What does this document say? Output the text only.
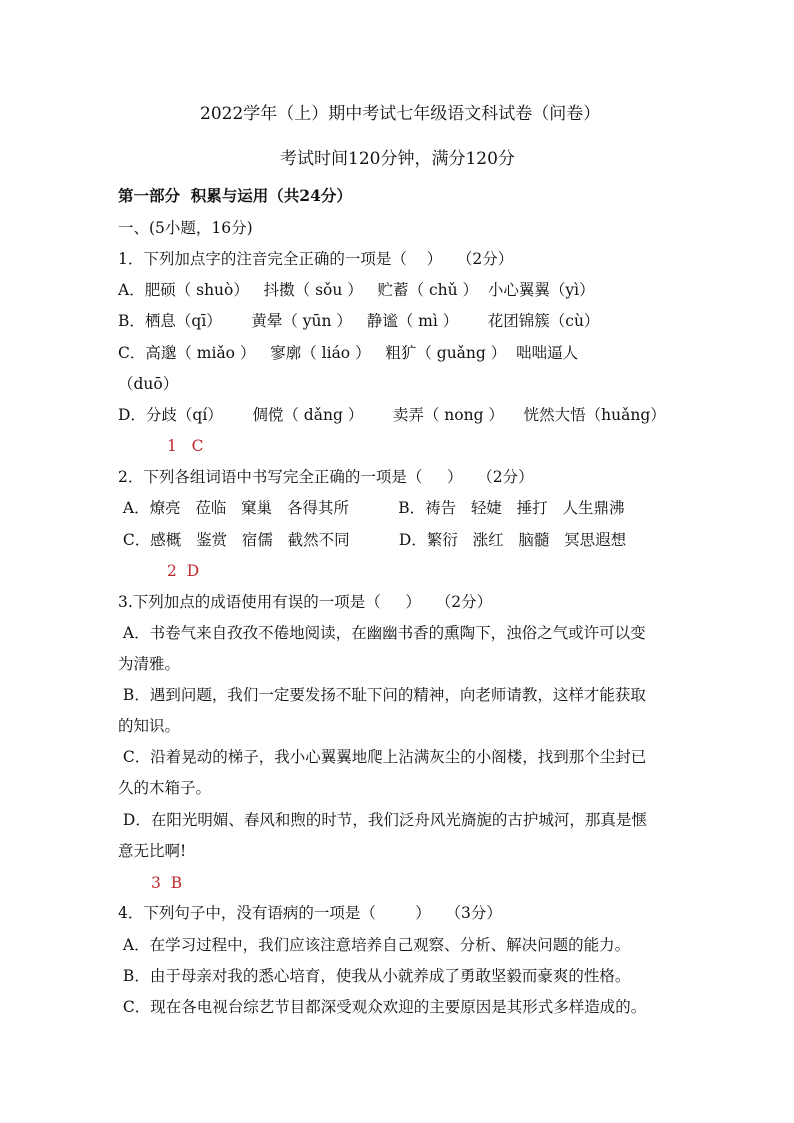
2022学年（上）期中考试七年级语文科试卷（问卷）
考试时间120分钟，满分120分
第一部分  积累与运用（共24分）
一、(5小题，16分)
1．下列加点字的注音完全正确的一项是（    ）   （2分）
A．肥硕（ shuò）   抖擞（ sǒu ）   贮蓄（ chǔ ）  小心翼翼（yì）
B．栖息（qī）      黄晕（ yūn ）   静谧（ mì ）      花团锦簇（cù）
C．高邈（ miǎo ）   寥廓（ liáo ）   粗犷（ guǎng ）  咄咄逼人
（duō）
D．分歧（qí）      倜傥（ dǎng ）      卖弄（ nong ）    恍然大悟（huǎng）
1   C
2．下列各组词语中书写完全正确的一项是（     ）   （2分）
A．燎亮   莅临   窠巢   各得其所          B．祷告   轻婕   捶打   人生鼎沸
C．感概   鉴赏   宿儒   截然不同          D．繁衍   涨红   脑髓   冥思遐想
2  D
3.下列加点的成语使用有误的一项是（     ）   （2分）
A．书卷气来自孜孜不倦地阅读，在幽幽书香的熏陶下，浊俗之气或许可以变
为清雅。
B．遇到问题，我们一定要发扬不耻下问的精神，向老师请教，这样才能获取
的知识。
C．沿着晃动的梯子，我小心翼翼地爬上沾满灰尘的小阁楼，找到那个尘封已
久的木箱子。
D．在阳光明媚、春风和煦的时节，我们泛舟风光旖旎的古护城河，那真是惬
意无比啊!
3  B
4．下列句子中，没有语病的一项是（        ）   （3分）
A．在学习过程中，我们应该注意培养自己观察、分析、解决问题的能力。
B．由于母亲对我的悉心培育，使我从小就养成了勇敢坚毅而豪爽的性格。
C．现在各电视台综艺节目都深受观众欢迎的主要原因是其形式多样造成的。
